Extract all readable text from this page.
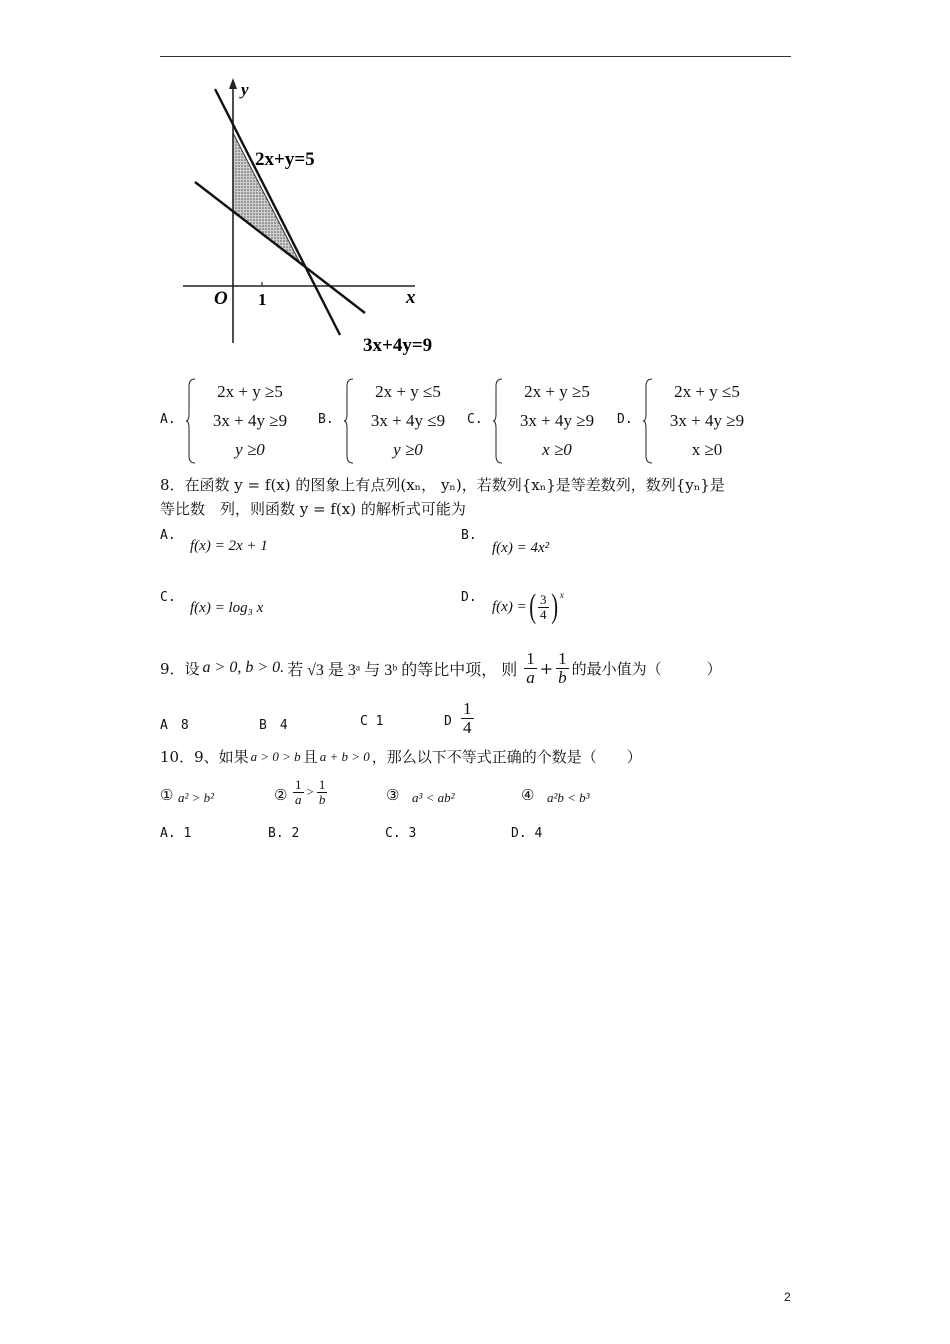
y
x
O 1
2x+y=5
3x+4y=9
A.
2x + y ≥5
3x + 4y ≥9
y ≥0
B.
2x + y ≤5
3x + 4y ≤9
y ≥0
C.
2x + y ≥5
3x + 4y ≥9
x ≥0
D.
2x + y ≤5
3x + 4y ≥9
x ≥0
8．在函数 y = f(x) 的图象上有点列(xₙ， yₙ)，若数列{xₙ}是等差数列，数列{yₙ}是
等比数　列，则函数 y = f(x) 的解析式可能为
A.
f(x) = 2x + 1
B.
f(x) = 4x²
C.
f(x) = log₃ x
D.
f(x) = ( $\frac{3}{4}$ ) x
9．设 a > 0, b > 0. 若 √3 是 3ᵃ 与 3ᵇ 的等比中项， 则 $\frac{1}{a} + \frac{1}{b}$ 的最小值为（　　　）
A　8	B　4	C 1	D $\frac{1}{4}$
10．9、如果 a > 0 > b 且 a + b > 0 ，那么以下不等式正确的个数是（　　）
① a² > b²	② $\frac{1}{a} > \frac{1}{b}$	③ a³ < ab²	④ a²b < b³
A. 1	B. 2	C. 3	D. 4
2
